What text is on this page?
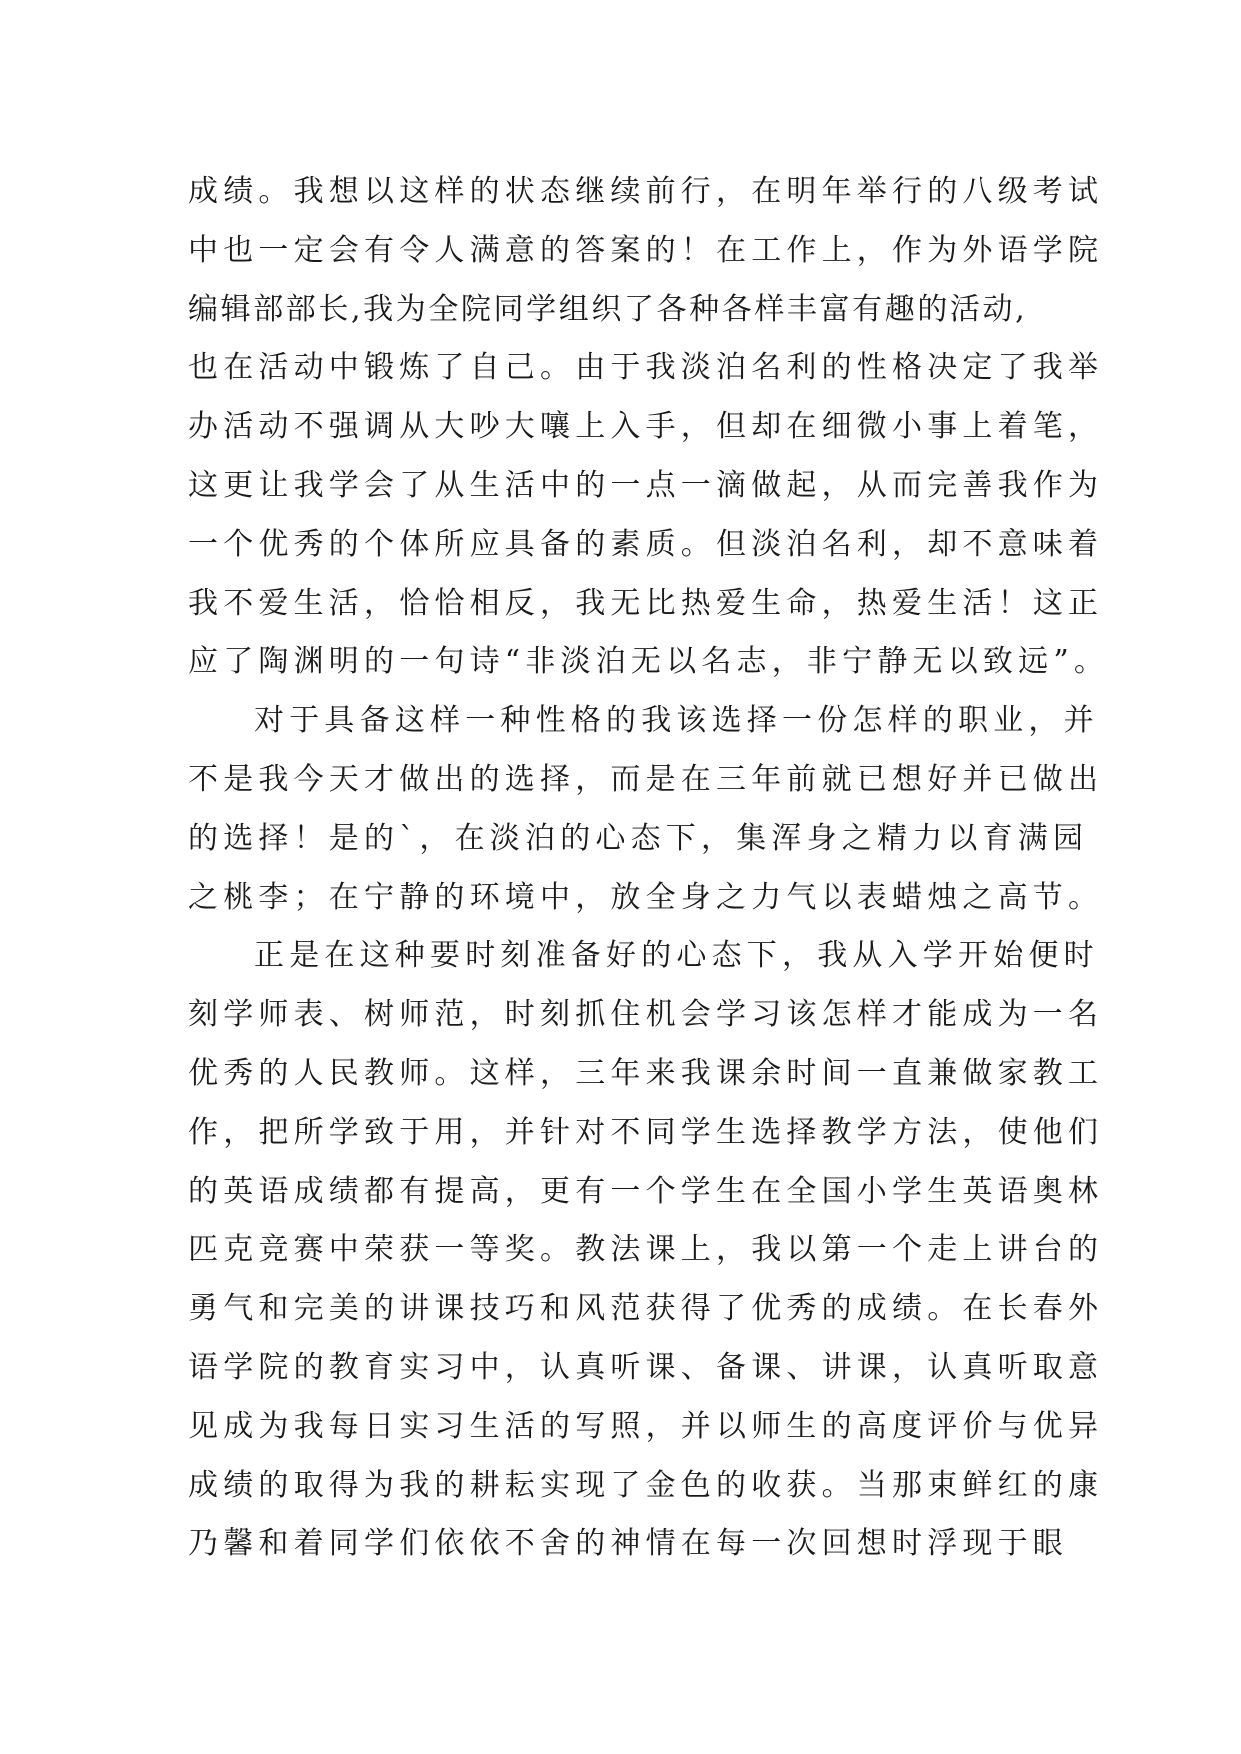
成绩。我想以这样的状态继续前行，在明年举行的八级考试
中也一定会有令人满意的答案的！在工作上，作为外语学院
编辑部部长,我为全院同学组织了各种各样丰富有趣的活动,
也在活动中锻炼了自己。由于我淡泊名利的性格决定了我举
办活动不强调从大吵大嚷上入手，但却在细微小事上着笔，
这更让我学会了从生活中的一点一滴做起，从而完善我作为
一个优秀的个体所应具备的素质。但淡泊名利，却不意味着
我不爱生活，恰恰相反，我无比热爱生命，热爱生活！这正
应了陶渊明的一句诗“非淡泊无以名志，非宁静无以致远”。
对于具备这样一种性格的我该选择一份怎样的职业，并
不是我今天才做出的选择，而是在三年前就已想好并已做出
的选择！是的`，在淡泊的心态下，集浑身之精力以育满园
之桃李；在宁静的环境中，放全身之力气以表蜡烛之高节。
正是在这种要时刻准备好的心态下，我从入学开始便时
刻学师表、树师范，时刻抓住机会学习该怎样才能成为一名
优秀的人民教师。这样，三年来我课余时间一直兼做家教工
作，把所学致于用，并针对不同学生选择教学方法，使他们
的英语成绩都有提高，更有一个学生在全国小学生英语奥林
匹克竞赛中荣获一等奖。教法课上，我以第一个走上讲台的
勇气和完美的讲课技巧和风范获得了优秀的成绩。在长春外
语学院的教育实习中，认真听课、备课、讲课，认真听取意
见成为我每日实习生活的写照，并以师生的高度评价与优异
成绩的取得为我的耕耘实现了金色的收获。当那束鲜红的康
乃馨和着同学们依依不舍的神情在每一次回想时浮现于眼
